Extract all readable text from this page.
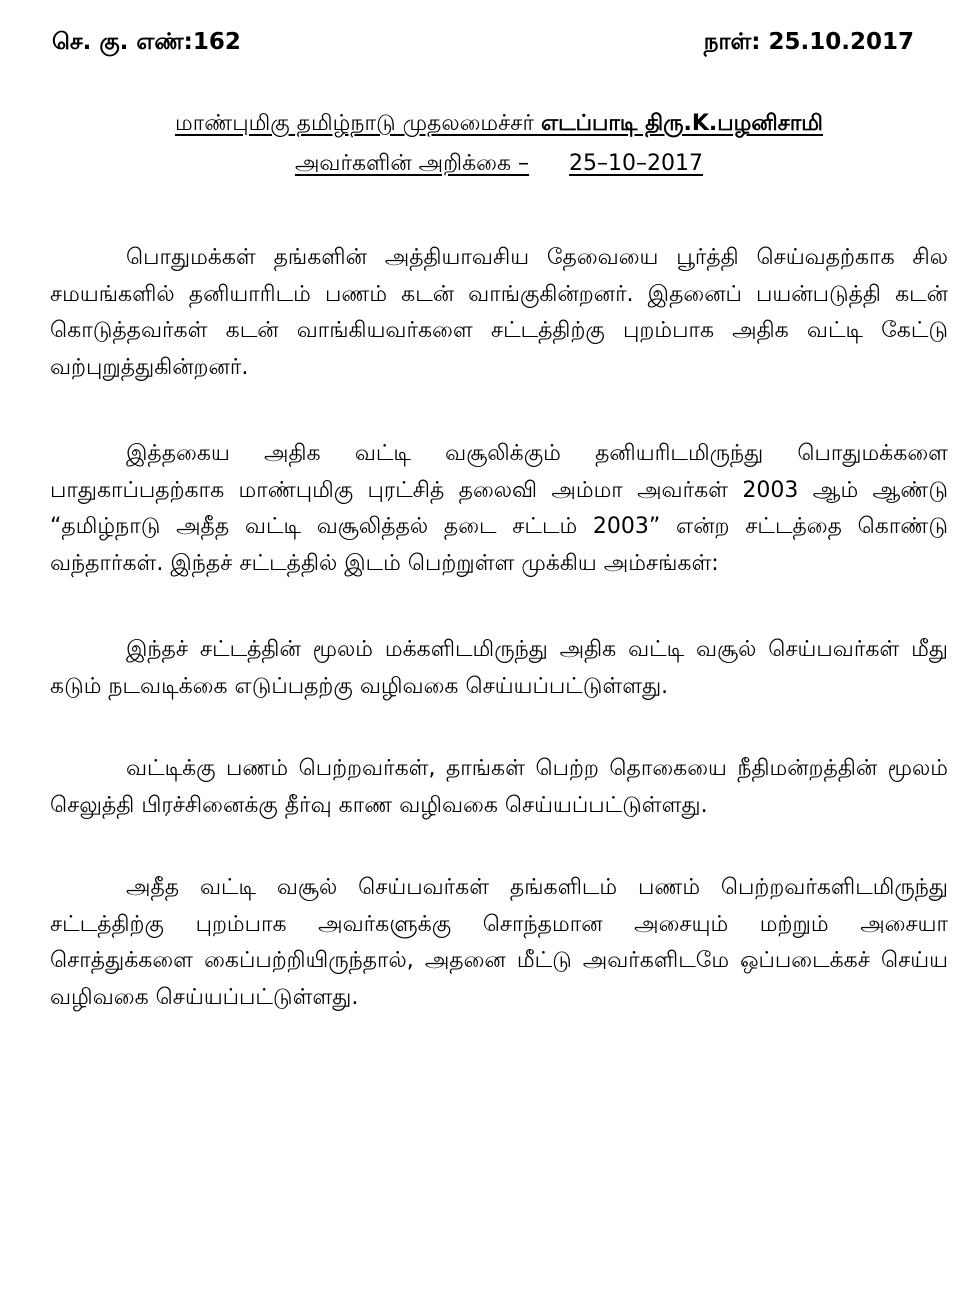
செ. கு. எண்:162	நாள்: 25.10.2017
மாண்புமிகு தமிழ்நாடு முதலமைச்சர் எடப்பாடி திரு.K.பழனிசாமி
அவர்களின் அறிக்கை – 25–10–2017

பொதுமக்கள் தங்களின் அத்தியாவசிய தேவையை பூர்த்தி செய்வதற்காக சில சமயங்களில் தனியாரிடம் பணம் கடன் வாங்குகின்றனர். இதனைப் பயன்படுத்தி கடன் கொடுத்தவர்கள் கடன் வாங்கியவர்களை சட்டத்திற்கு புறம்பாக அதிக வட்டி கேட்டு வற்புறுத்துகின்றனர்.

இத்தகைய அதிக வட்டி வசூலிக்கும் தனியரிடமிருந்து பொதுமக்களை பாதுகாப்பதற்காக மாண்புமிகு புரட்சித் தலைவி அம்மா அவர்கள் 2003 ஆம் ஆண்டு “தமிழ்நாடு அதீத வட்டி வசூலித்தல் தடை சட்டம் 2003” என்ற சட்டத்தை கொண்டு வந்தார்கள். இந்தச் சட்டத்தில் இடம் பெற்றுள்ள முக்கிய அம்சங்கள்:

இந்தச் சட்டத்தின் மூலம் மக்களிடமிருந்து அதிக வட்டி வசூல் செய்பவர்கள் மீது கடும் நடவடிக்கை எடுப்பதற்கு வழிவகை செய்யப்பட்டுள்ளது.

வட்டிக்கு பணம் பெற்றவர்கள், தாங்கள் பெற்ற தொகையை நீதிமன்றத்தின் மூலம் செலுத்தி பிரச்சினைக்கு தீர்வு காண வழிவகை செய்யப்பட்டுள்ளது.

அதீத வட்டி வசூல் செய்பவர்கள் தங்களிடம் பணம் பெற்றவர்களிடமிருந்து சட்டத்திற்கு புறம்பாக அவர்களுக்கு சொந்தமான அசையும் மற்றும் அசையா சொத்துக்களை கைப்பற்றியிருந்தால், அதனை மீட்டு அவர்களிடமே ஒப்படைக்கச் செய்ய வழிவகை செய்யப்பட்டுள்ளது.
